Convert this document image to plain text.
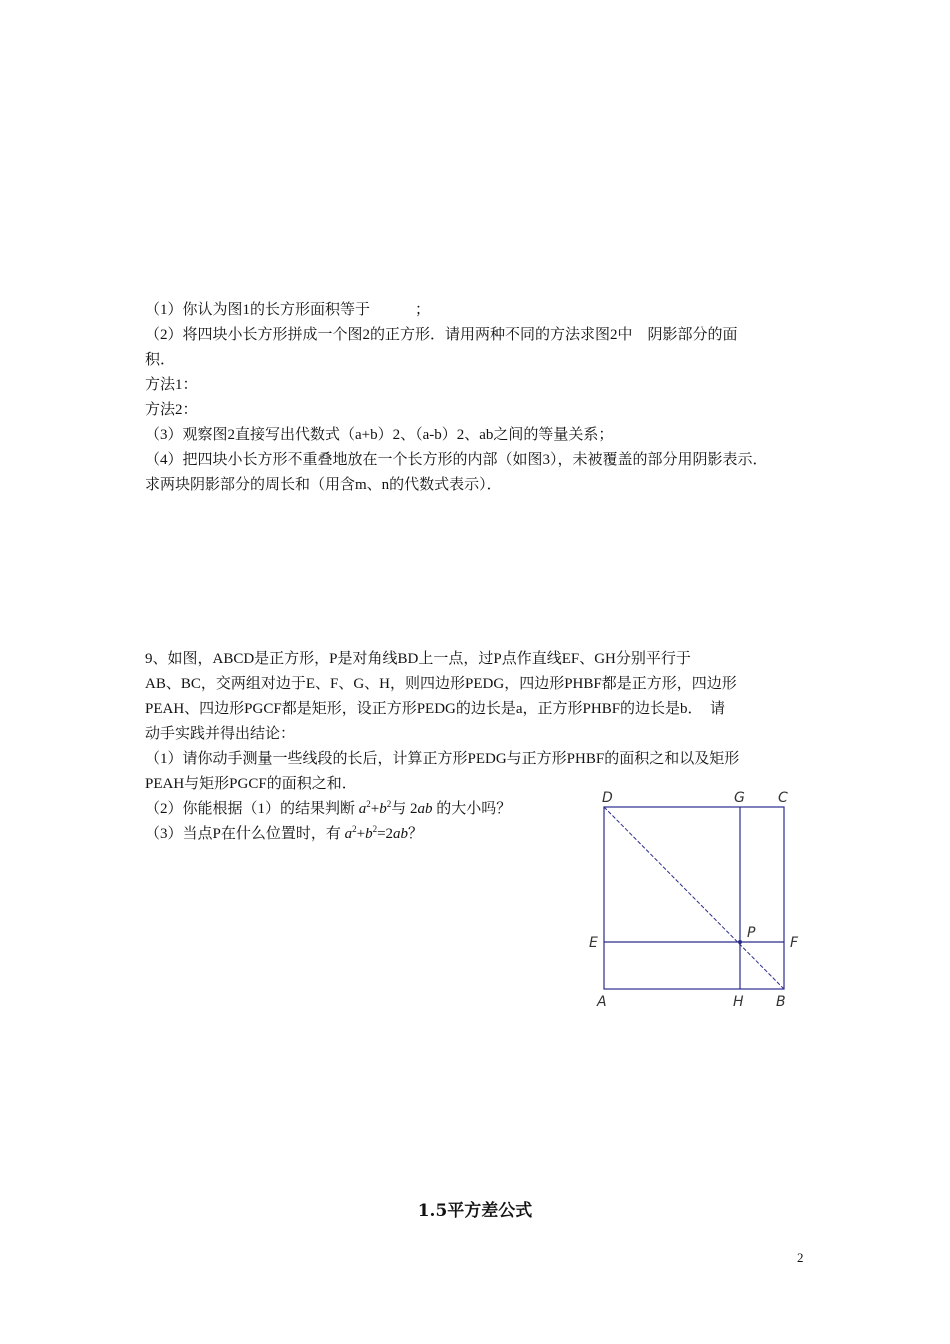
（1）你认为图1的长方形面积等于　　　；
（2）将四块小长方形拼成一个图2的正方形．请用两种不同的方法求图2中　阴影部分的面
积．
方法1：
方法2：
（3）观察图2直接写出代数式（a+b）2、（a-b）2、ab之间的等量关系；
（4）把四块小长方形不重叠地放在一个长方形的内部（如图3），未被覆盖的部分用阴影表示．
求两块阴影部分的周长和（用含m、n的代数式表示）．
9、如图，ABCD是正方形，P是对角线BD上一点，过P点作直线EF、GH分别平行于
AB、BC，交两组对边于E、F、G、H，则四边形PEDG，四边形PHBF都是正方形，四边形
PEAH、四边形PGCF都是矩形，设正方形PEDG的边长是a，正方形PHBF的边长是b．　请
动手实践并得出结论：
（1）请你动手测量一些线段的长后，计算正方形PEDG与正方形PHBF的面积之和以及矩形
PEAH与矩形PGCF的面积之和．
（2）你能根据（1）的结果判断 $a^2+b^2$与 2ab 的大小吗？
（3）当点P在什么位置时，有 $a^2+b^2=2ab$？
D	G C
E
P
F
A	H B
1.5平方差公式
2
